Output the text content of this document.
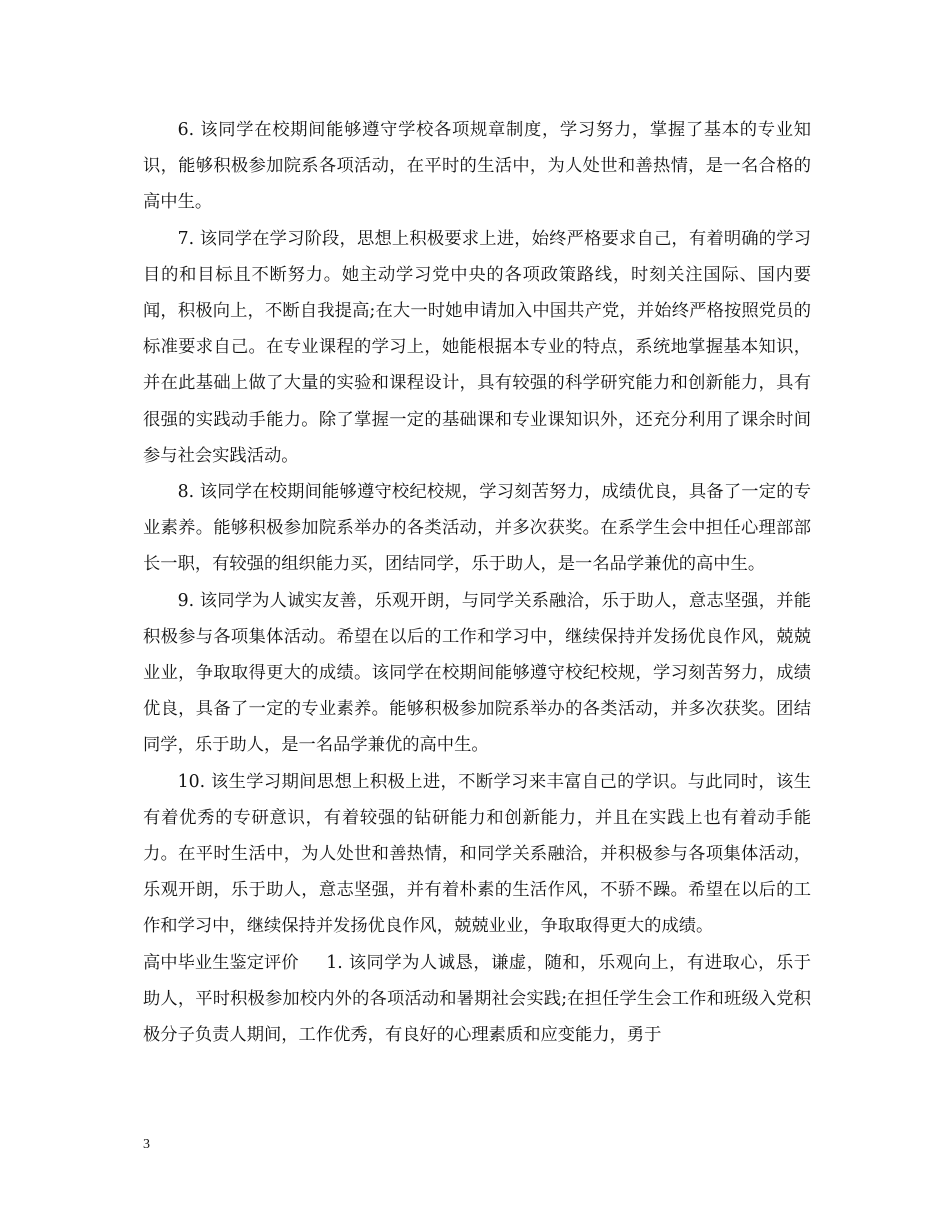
6. 该同学在校期间能够遵守学校各项规章制度，学习努力，掌握了基本的专业知识，能够积极参加院系各项活动，在平时的生活中，为人处世和善热情，是一名合格的高中生。

7. 该同学在学习阶段，思想上积极要求上进，始终严格要求自己，有着明确的学习目的和目标且不断努力。她主动学习党中央的各项政策路线，时刻关注国际、国内要闻，积极向上，不断自我提高;在大一时她申请加入中国共产党，并始终严格按照党员的标准要求自己。在专业课程的学习上，她能根据本专业的特点，系统地掌握基本知识，并在此基础上做了大量的实验和课程设计，具有较强的科学研究能力和创新能力，具有很强的实践动手能力。除了掌握一定的基础课和专业课知识外，还充分利用了课余时间参与社会实践活动。

8. 该同学在校期间能够遵守校纪校规，学习刻苦努力，成绩优良，具备了一定的专业素养。能够积极参加院系举办的各类活动，并多次获奖。在系学生会中担任心理部部长一职，有较强的组织能力买，团结同学，乐于助人，是一名品学兼优的高中生。

9. 该同学为人诚实友善，乐观开朗，与同学关系融洽，乐于助人，意志坚强，并能积极参与各项集体活动。希望在以后的工作和学习中，继续保持并发扬优良作风，兢兢业业，争取取得更大的成绩。该同学在校期间能够遵守校纪校规，学习刻苦努力，成绩优良，具备了一定的专业素养。能够积极参加院系举办的各类活动，并多次获奖。团结同学，乐于助人，是一名品学兼优的高中生。

10. 该生学习期间思想上积极上进，不断学习来丰富自己的学识。与此同时，该生有着优秀的专研意识，有着较强的钻研能力和创新能力，并且在实践上也有着动手能力。在平时生活中，为人处世和善热情，和同学关系融洽，并积极参与各项集体活动，乐观开朗，乐于助人，意志坚强，并有着朴素的生活作风，不骄不躁。希望在以后的工作和学习中，继续保持并发扬优良作风，兢兢业业，争取取得更大的成绩。

高中毕业生鉴定评价 1. 该同学为人诚恳，谦虚，随和，乐观向上，有进取心，乐于助人，平时积极参加校内外的各项活动和暑期社会实践;在担任学生会工作和班级入党积极分子负责人期间，工作优秀，有良好的心理素质和应变能力，勇于

3
